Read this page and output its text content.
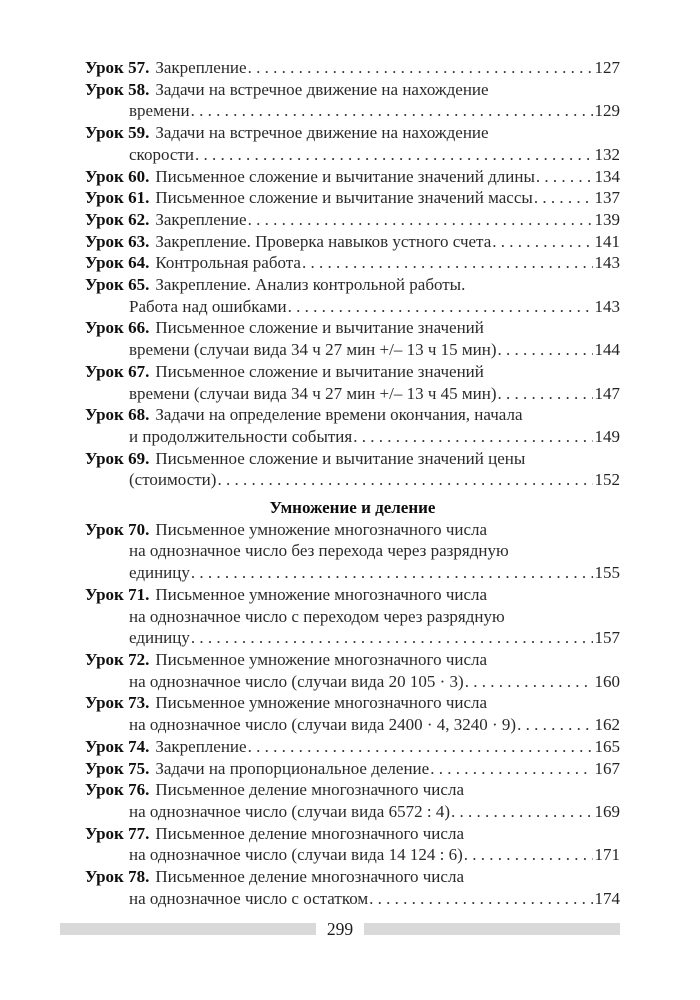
Урок 57. Закрепление . . .	127
Урок 58. Задачи на встречное движение на нахождение
времени . . .	129
Урок 59. Задачи на встречное движение на нахождение
скорости . . .	132
Урок 60. Письменное сложение и вычитание значений длины . . .	134
Урок 61. Письменное сложение и вычитание значений массы . . .	137
Урок 62. Закрепление . . .	139
Урок 63. Закрепление. Проверка навыков устного счета . . .	141
Урок 64. Контрольная работа . . .	143
Урок 65. Закрепление. Анализ контрольной работы.
Работа над ошибками . . .	143
Урок 66. Письменное сложение и вычитание значений
времени (случаи вида 34 ч 27 мин +/– 13 ч 15 мин) . . .	144
Урок 67. Письменное сложение и вычитание значений
времени (случаи вида 34 ч 27 мин +/– 13 ч 45 мин) . . .	147
Урок 68. Задачи на определение времени окончания, начала
и продолжительности события . . .	149
Урок 69. Письменное сложение и вычитание значений цены
(стоимости) . . .	152
Умножение и деление
Урок 70. Письменное умножение многозначного числа
на однозначное число без перехода через разрядную
единицу . . .	155
Урок 71. Письменное умножение многозначного числа
на однозначное число с переходом через разрядную
единицу . . .	157
Урок 72. Письменное умножение многозначного числа
на однозначное число (случаи вида 20 105 · 3) . . .	160
Урок 73. Письменное умножение многозначного числа
на однозначное число (случаи вида 2400 · 4, 3240 · 9) . . .	162
Урок 74. Закрепление . . .	165
Урок 75. Задачи на пропорциональное деление . . .	167
Урок 76. Письменное деление многозначного числа
на однозначное число (случаи вида 6572 : 4) . . .	169
Урок 77. Письменное деление многозначного числа
на однозначное число (случаи вида 14 124 : 6) . . .	171
Урок 78. Письменное деление многозначного числа
на однозначное число с остатком . . .	174
299
